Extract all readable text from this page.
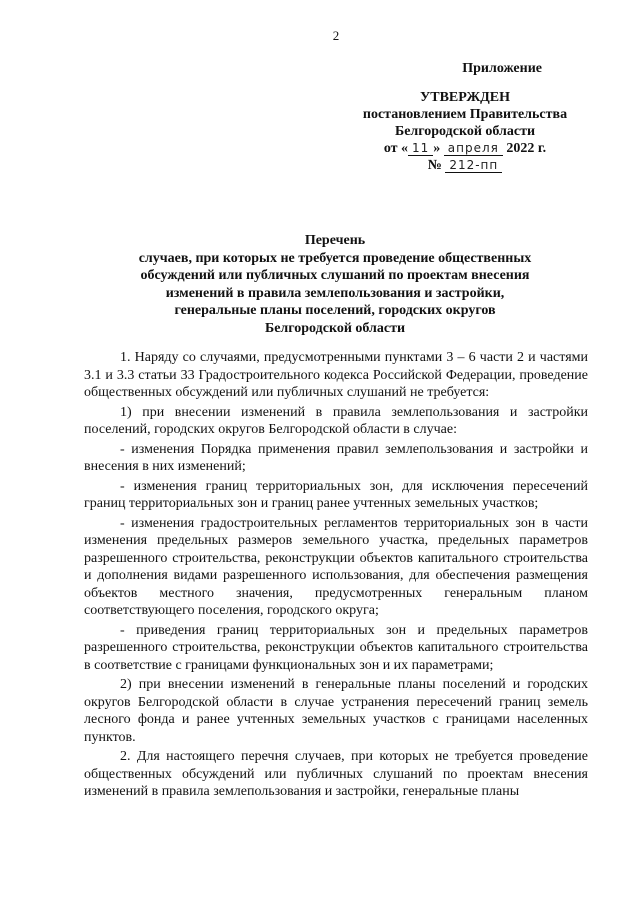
2
Приложение
УТВЕРЖДЕН
постановлением Правительства
Белгородской области
от « 11 » апреля 2022 г.
№ 212-пп
Перечень
случаев, при которых не требуется проведение общественных
обсуждений или публичных слушаний по проектам внесения
изменений в правила землепользования и застройки,
генеральные планы поселений, городских округов
Белгородской области

1. Наряду со случаями, предусмотренными пунктами 3 – 6 части 2 и частями 3.1 и 3.3 статьи 33 Градостроительного кодекса Российской Федерации, проведение общественных обсуждений или публичных слушаний не требуется:

1) при внесении изменений в правила землепользования и застройки поселений, городских округов Белгородской области в случае:

- изменения Порядка применения правил землепользования и застройки и внесения в них изменений;

- изменения границ территориальных зон, для исключения пересечений границ территориальных зон и границ ранее учтенных земельных участков;

- изменения градостроительных регламентов территориальных зон в части изменения предельных размеров земельного участка, предельных параметров разрешенного строительства, реконструкции объектов капитального строительства и дополнения видами разрешенного использования, для обеспечения размещения объектов местного значения, предусмотренных генеральным планом соответствующего поселения, городского округа;

- приведения границ территориальных зон и предельных параметров разрешенного строительства, реконструкции объектов капитального строительства в соответствие с границами функциональных зон и их параметрами;

2) при внесении изменений в генеральные планы поселений и городских округов Белгородской области в случае устранения пересечений границ земель лесного фонда и ранее учтенных земельных участков с границами населенных пунктов.

2. Для настоящего перечня случаев, при которых не требуется проведение общественных обсуждений или публичных слушаний по проектам внесения изменений в правила землепользования и застройки, генеральные планы
